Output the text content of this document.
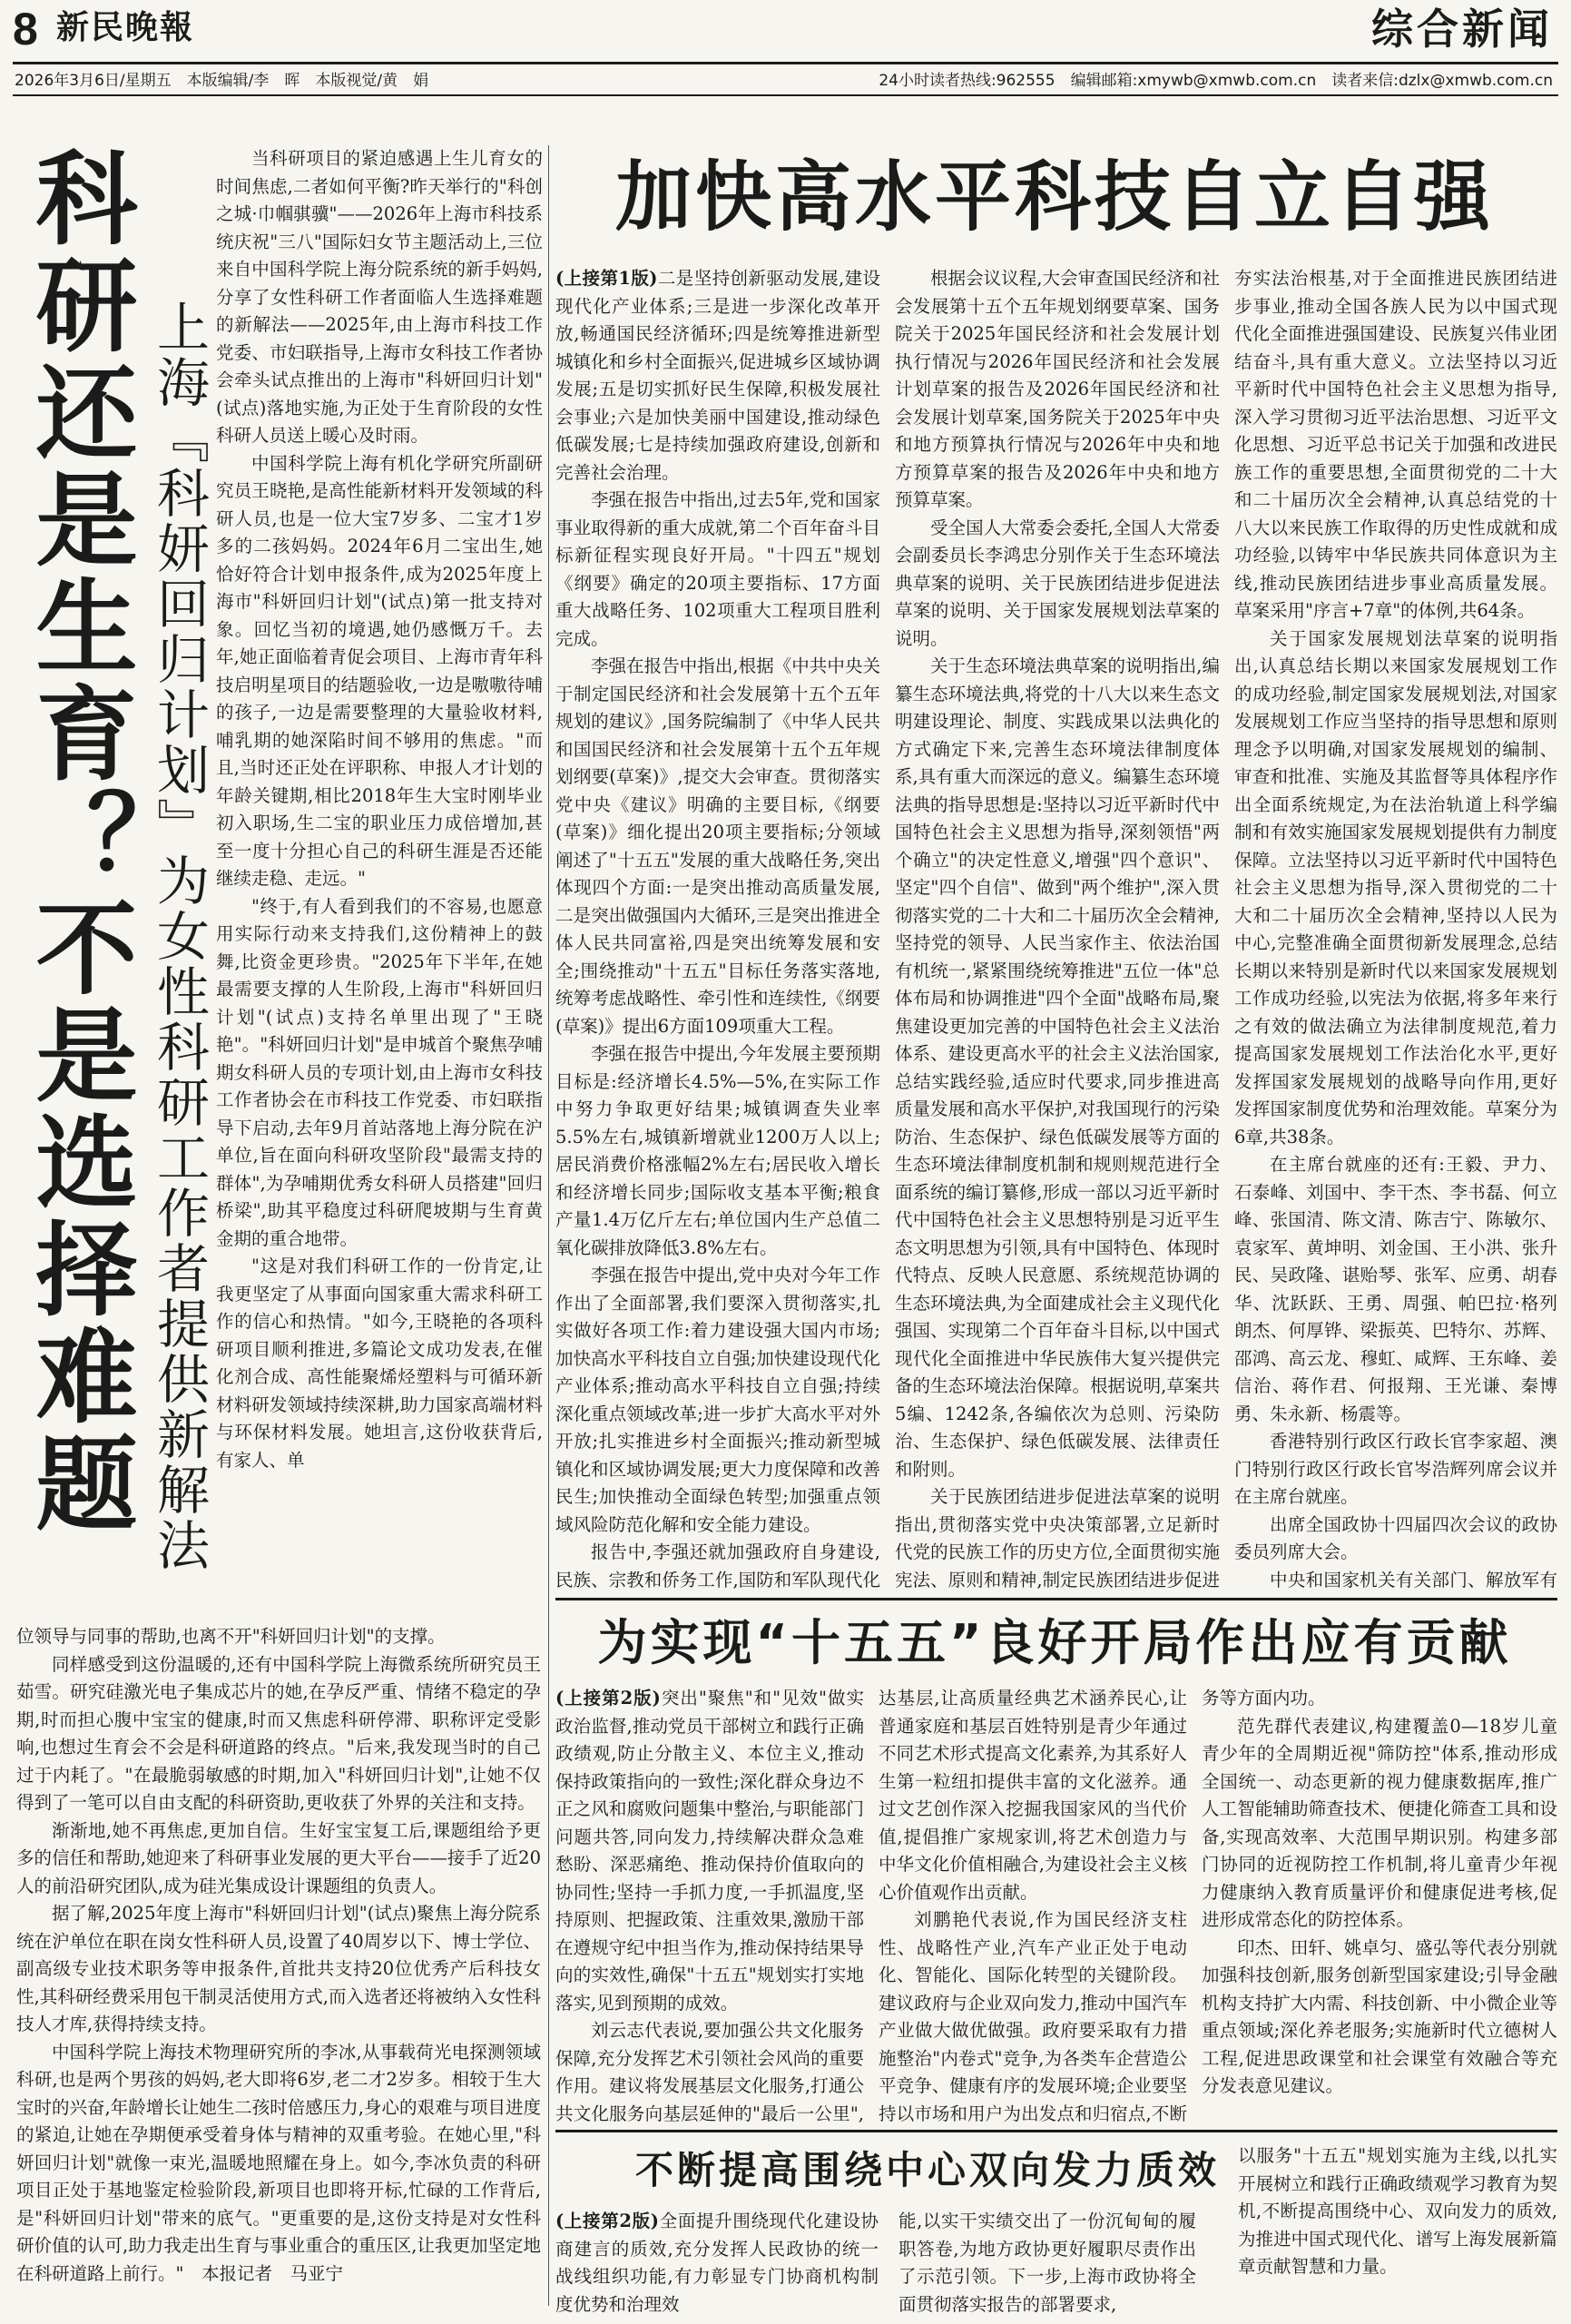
8 新民晚報	综合新闻
2026年3月6日/星期五　本版编辑/李　晖　本版视觉/黄　娟	24小时读者热线:962555　编辑邮箱:xmywb@xmwb.com.cn　读者来信:dzlx@xmwb.com.cn
科研还是生育？不是选择难题 上海『科妍回归计划』为女性科研工作者提供新解法

当科研项目的紧迫感遇上生儿育女的时间焦虑,二者如何平衡?昨天举行的"科创之城·巾帼骐骥"——2026年上海市科技系统庆祝"三八"国际妇女节主题活动上,三位来自中国科学院上海分院系统的新手妈妈,分享了女性科研工作者面临人生选择难题的新解法——2025年,由上海市科技工作党委、市妇联指导,上海市女科技工作者协会牵头试点推出的上海市"科妍回归计划"(试点)落地实施,为正处于生育阶段的女性科研人员送上暖心及时雨。

中国科学院上海有机化学研究所副研究员王晓艳,是高性能新材料开发领域的科研人员,也是一位大宝7岁多、二宝才1岁多的二孩妈妈。2024年6月二宝出生,她恰好符合计划申报条件,成为2025年度上海市"科妍回归计划"(试点)第一批支持对象。回忆当初的境遇,她仍感慨万千。去年,她正面临着青促会项目、上海市青年科技启明星项目的结题验收,一边是嗷嗷待哺的孩子,一边是需要整理的大量验收材料,哺乳期的她深陷时间不够用的焦虑。"而且,当时还正处在评职称、申报人才计划的年龄关键期,相比2018年生大宝时刚毕业初入职场,生二宝的职业压力成倍增加,甚至一度十分担心自己的科研生涯是否还能继续走稳、走远。"

"终于,有人看到我们的不容易,也愿意用实际行动来支持我们,这份精神上的鼓舞,比资金更珍贵。"2025年下半年,在她最需要支撑的人生阶段,上海市"科妍回归计划"(试点)支持名单里出现了"王晓艳"。"科妍回归计划"是申城首个聚焦孕哺期女科研人员的专项计划,由上海市女科技工作者协会在市科技工作党委、市妇联指导下启动,去年9月首站落地上海分院在沪单位,旨在面向科研攻坚阶段"最需支持的群体",为孕哺期优秀女科研人员搭建"回归桥梁",助其平稳度过科研爬坡期与生育黄金期的重合地带。

"这是对我们科研工作的一份肯定,让我更坚定了从事面向国家重大需求科研工作的信心和热情。"如今,王晓艳的各项科研项目顺利推进,多篇论文成功发表,在催化剂合成、高性能聚烯烃塑料与可循环新材料研发领域持续深耕,助力国家高端材料与环保材料发展。她坦言,这份收获背后,有家人、单

位领导与同事的帮助,也离不开"科妍回归计划"的支撑。

同样感受到这份温暖的,还有中国科学院上海微系统所研究员王茹雪。研究硅激光电子集成芯片的她,在孕反严重、情绪不稳定的孕期,时而担心腹中宝宝的健康,时而又焦虑科研停滞、职称评定受影响,也想过生育会不会是科研道路的终点。"后来,我发现当时的自己过于内耗了。"在最脆弱敏感的时期,加入"科妍回归计划",让她不仅得到了一笔可以自由支配的科研资助,更收获了外界的关注和支持。

渐渐地,她不再焦虑,更加自信。生好宝宝复工后,课题组给予更多的信任和帮助,她迎来了科研事业发展的更大平台——接手了近20人的前沿研究团队,成为硅光集成设计课题组的负责人。

据了解,2025年度上海市"科妍回归计划"(试点)聚焦上海分院系统在沪单位在职在岗女性科研人员,设置了40周岁以下、博士学位、副高级专业技术职务等申报条件,首批共支持20位优秀产后科技女性,其科研经费采用包干制灵活使用方式,而入选者还将被纳入女性科技人才库,获得持续支持。

中国科学院上海技术物理研究所的李冰,从事载荷光电探测领域科研,也是两个男孩的妈妈,老大即将6岁,老二才2岁多。相较于生大宝时的兴奋,年龄增长让她生二孩时倍感压力,身心的艰难与项目进度的紧迫,让她在孕期便承受着身体与精神的双重考验。在她心里,"科妍回归计划"就像一束光,温暖地照耀在身上。如今,李冰负责的科研项目正处于基地鉴定检验阶段,新项目也即将开标,忙碌的工作背后,是"科妍回归计划"带来的底气。"更重要的是,这份支持是对女性科研价值的认可,助力我走出生育与事业重合的重压区,让我更加坚定地在科研道路上前行。"　本报记者　马亚宁

加快高水平科技自立自强

(上接第1版)二是坚持创新驱动发展,建设现代化产业体系;三是进一步深化改革开放,畅通国民经济循环;四是统筹推进新型城镇化和乡村全面振兴,促进城乡区域协调发展;五是切实抓好民生保障,积极发展社会事业;六是加快美丽中国建设,推动绿色低碳发展;七是持续加强政府建设,创新和完善社会治理。

李强在报告中指出,过去5年,党和国家事业取得新的重大成就,第二个百年奋斗目标新征程实现良好开局。"十四五"规划《纲要》确定的20项主要指标、17方面重大战略任务、102项重大工程项目胜利完成。

李强在报告中指出,根据《中共中央关于制定国民经济和社会发展第十五个五年规划的建议》,国务院编制了《中华人民共和国国民经济和社会发展第十五个五年规划纲要(草案)》,提交大会审查。贯彻落实党中央《建议》明确的主要目标,《纲要(草案)》细化提出20项主要指标;分领域阐述了"十五五"发展的重大战略任务,突出体现四个方面:一是突出推动高质量发展,二是突出做强国内大循环,三是突出推进全体人民共同富裕,四是突出统筹发展和安全;围绕推动"十五五"目标任务落实落地,统筹考虑战略性、牵引性和连续性,《纲要(草案)》提出6方面109项重大工程。

李强在报告中提出,今年发展主要预期目标是:经济增长4.5%—5%,在实际工作中努力争取更好结果;城镇调查失业率5.5%左右,城镇新增就业1200万人以上;居民消费价格涨幅2%左右;居民收入增长和经济增长同步;国际收支基本平衡;粮食产量1.4万亿斤左右;单位国内生产总值二氧化碳排放降低3.8%左右。

李强在报告中提出,党中央对今年工作作出了全面部署,我们要深入贯彻落实,扎实做好各项工作:着力建设强大国内市场;加快高水平科技自立自强;加快建设现代化产业体系;推动高水平科技自立自强;持续深化重点领域改革;进一步扩大高水平对外开放;扎实推进乡村全面振兴;推动新型城镇化和区域协调发展;更大力度保障和改善民生;加快推动全面绿色转型;加强重点领域风险防范化解和安全能力建设。

报告中,李强还就加强政府自身建设,民族、宗教和侨务工作,国防和军队现代化

根据会议议程,大会审查国民经济和社会发展第十五个五年规划纲要草案、国务院关于2025年国民经济和社会发展计划执行情况与2026年国民经济和社会发展计划草案的报告及2026年国民经济和社会发展计划草案,国务院关于2025年中央和地方预算执行情况与2026年中央和地方预算草案的报告及2026年中央和地方预算草案。

受全国人大常委会委托,全国人大常委会副委员长李鸿忠分别作关于生态环境法典草案的说明、关于民族团结进步促进法草案的说明、关于国家发展规划法草案的说明。

关于生态环境法典草案的说明指出,编纂生态环境法典,将党的十八大以来生态文明建设理论、制度、实践成果以法典化的方式确定下来,完善生态环境法律制度体系,具有重大而深远的意义。编纂生态环境法典的指导思想是:坚持以习近平新时代中国特色社会主义思想为指导,深刻领悟"两个确立"的决定性意义,增强"四个意识"、坚定"四个自信"、做到"两个维护",深入贯彻落实党的二十大和二十届历次全会精神,坚持党的领导、人民当家作主、依法治国有机统一,紧紧围绕统筹推进"五位一体"总体布局和协调推进"四个全面"战略布局,聚焦建设更加完善的中国特色社会主义法治体系、建设更高水平的社会主义法治国家,总结实践经验,适应时代要求,同步推进高质量发展和高水平保护,对我国现行的污染防治、生态保护、绿色低碳发展等方面的生态环境法律制度机制和规则规范进行全面系统的编订纂修,形成一部以习近平新时代中国特色社会主义思想特别是习近平生态文明思想为引领,具有中国特色、体现时代特点、反映人民意愿、系统规范协调的生态环境法典,为全面建成社会主义现代化强国、实现第二个百年奋斗目标,以中国式现代化全面推进中华民族伟大复兴提供完备的生态环境法治保障。根据说明,草案共5编、1242条,各编依次为总则、污染防治、生态保护、绿色低碳发展、法律责任和附则。

关于民族团结进步促进法草案的说明指出,贯彻落实党中央决策部署,立足新时代党的民族工作的历史方位,全面贯彻实施宪法、原则和精神,制定民族团结进步促进

夯实法治根基,对于全面推进民族团结进步事业,推动全国各族人民为以中国式现代化全面推进强国建设、民族复兴伟业团结奋斗,具有重大意义。立法坚持以习近平新时代中国特色社会主义思想为指导,深入学习贯彻习近平法治思想、习近平文化思想、习近平总书记关于加强和改进民族工作的重要思想,全面贯彻党的二十大和二十届历次全会精神,认真总结党的十八大以来民族工作取得的历史性成就和成功经验,以铸牢中华民族共同体意识为主线,推动民族团结进步事业高质量发展。草案采用"序言+7章"的体例,共64条。

关于国家发展规划法草案的说明指出,认真总结长期以来国家发展规划工作的成功经验,制定国家发展规划法,对国家发展规划工作应当坚持的指导思想和原则理念予以明确,对国家发展规划的编制、审查和批准、实施及其监督等具体程序作出全面系统规定,为在法治轨道上科学编制和有效实施国家发展规划提供有力制度保障。立法坚持以习近平新时代中国特色社会主义思想为指导,深入贯彻党的二十大和二十届历次全会精神,坚持以人民为中心,完整准确全面贯彻新发展理念,总结长期以来特别是新时代以来国家发展规划工作成功经验,以宪法为依据,将多年来行之有效的做法确立为法律制度规范,着力提高国家发展规划工作法治化水平,更好发挥国家发展规划的战略导向作用,更好发挥国家制度优势和治理效能。草案分为6章,共38条。

在主席台就座的还有:王毅、尹力、石泰峰、刘国中、李干杰、李书磊、何立峰、张国清、陈文清、陈吉宁、陈敏尔、袁家军、黄坤明、刘金国、王小洪、张升民、吴政隆、谌贻琴、张军、应勇、胡春华、沈跃跃、王勇、周强、帕巴拉·格列朗杰、何厚铧、梁振英、巴特尔、苏辉、邵鸿、高云龙、穆虹、咸辉、王东峰、姜信治、蒋作君、何报翔、王光谦、秦博勇、朱永新、杨震等。

香港特别行政区行政长官李家超、澳门特别行政区行政长官岑浩辉列席会议并在主席台就座。

出席全国政协十四届四次会议的政协委员列席大会。

中央和国家机关有关部门、解放军有

为实现“十五五”良好开局作出应有贡献

(上接第2版)突出"聚焦"和"见效"做实政治监督,推动党员干部树立和践行正确政绩观,防止分散主义、本位主义,推动保持政策指向的一致性;深化群众身边不正之风和腐败问题集中整治,与职能部门问题共答,同向发力,持续解决群众急难愁盼、深恶痛绝、推动保持价值取向的协同性;坚持一手抓力度,一手抓温度,坚持原则、把握政策、注重效果,激励干部在遵规守纪中担当作为,推动保持结果导向的实效性,确保"十五五"规划实打实地落实,见到预期的成效。

刘云志代表说,要加强公共文化服务保障,充分发挥艺术引领社会风尚的重要作用。建议将发展基层文化服务,打通公共文化服务向基层延伸的"最后一公里",

达基层,让高质量经典艺术涵养民心,让普通家庭和基层百姓特别是青少年通过不同艺术形式提高文化素养,为其系好人生第一粒纽扣提供丰富的文化滋养。通过文艺创作深入挖掘我国家风的当代价值,提倡推广家规家训,将艺术创造力与中华文化价值相融合,为建设社会主义核心价值观作出贡献。

刘鹏艳代表说,作为国民经济支柱性、战略性产业,汽车产业正处于电动化、智能化、国际化转型的关键阶段。建议政府与企业双向发力,推动中国汽车产业做大做优做强。政府要采取有力措施整治"内卷式"竞争,为各类车企营造公平竞争、健康有序的发展环境;企业要坚持以市场和用户为出发点和归宿点,不断

务等方面内功。

范先群代表建议,构建覆盖0—18岁儿童青少年的全周期近视"筛防控"体系,推动形成全国统一、动态更新的视力健康数据库,推广人工智能辅助筛查技术、便捷化筛查工具和设备,实现高效率、大范围早期识别。构建多部门协同的近视防控工作机制,将儿童青少年视力健康纳入教育质量评价和健康促进考核,促进形成常态化的防控体系。

印杰、田轩、姚卓匀、盛弘等代表分别就加强科技创新,服务创新型国家建设;引导金融机构支持扩大内需、科技创新、中小微企业等重点领域;深化养老服务;实施新时代立德树人工程,促进思政课堂和社会课堂有效融合等充分发表意见建议。

不断提高围绕中心双向发力质效

(上接第2版)全面提升围绕现代化建设协商建言的质效,充分发挥人民政协的统一战线组织功能,有力彰显专门协商机构制度优势和治理效

能,以实干实绩交出了一份沉甸甸的履职答卷,为地方政协更好履职尽责作出了示范引领。下一步,上海市政协将全面贯彻落实报告的部署要求,

以服务"十五五"规划实施为主线,以扎实开展树立和践行正确政绩观学习教育为契机,不断提高围绕中心、双向发力的质效,为推进中国式现代化、谱写上海发展新篇章贡献智慧和力量。
